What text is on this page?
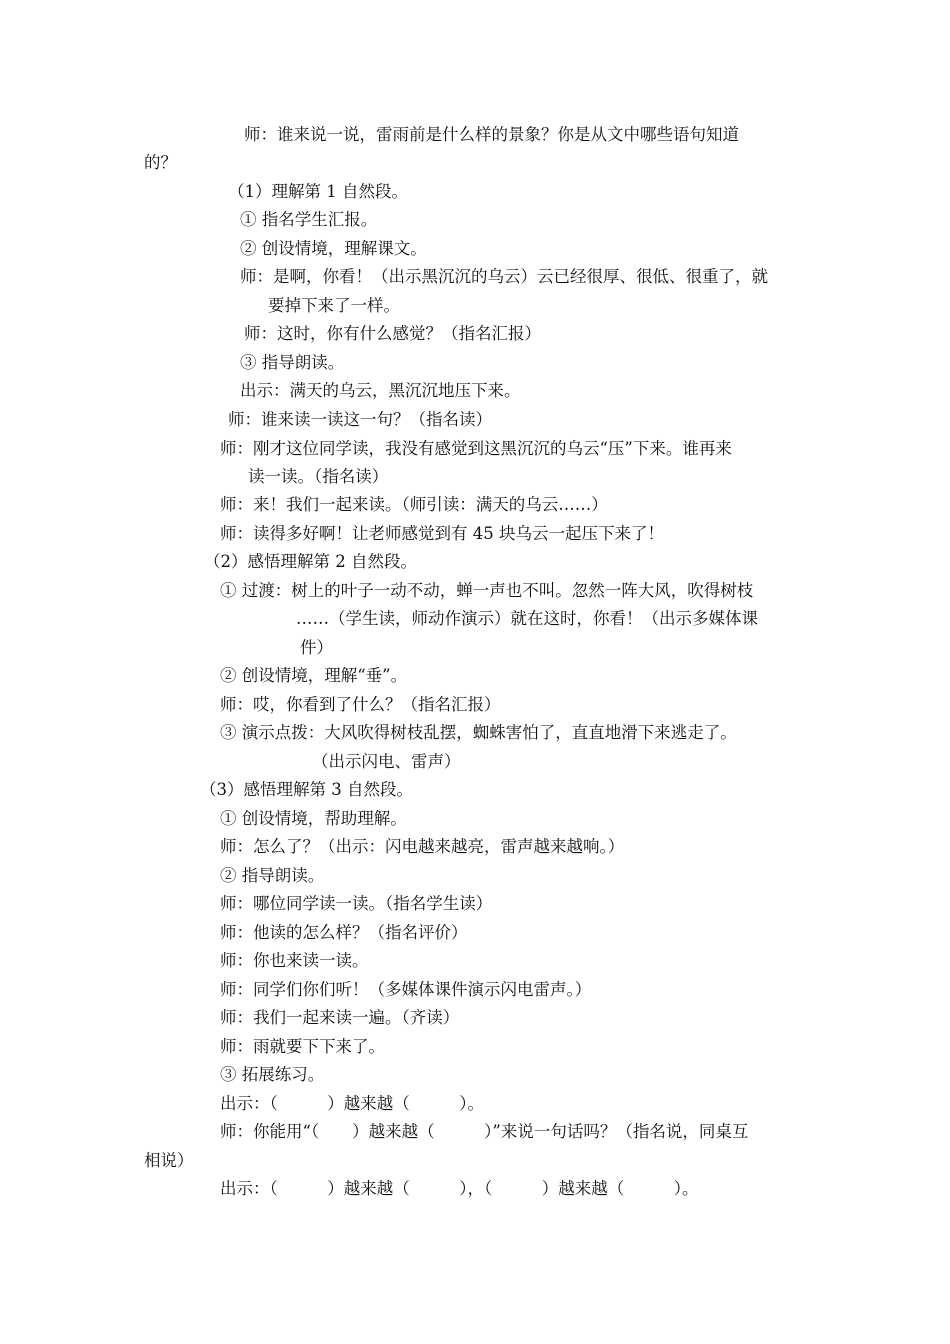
师：谁来说一说，雷雨前是什么样的景象？你是从文中哪些语句知道
的？
（1）理解第 1 自然段。
① 指名学生汇报。
② 创设情境，理解课文。
师：是啊，你看！（出示黑沉沉的乌云）云已经很厚、很低、很重了，就
要掉下来了一样。
师：这时，你有什么感觉？（指名汇报）
③ 指导朗读。
出示：满天的乌云，黑沉沉地压下来。
师：谁来读一读这一句？（指名读）
师：刚才这位同学读，我没有感觉到这黑沉沉的乌云“压”下来。谁再来
读一读。（指名读）
师：来！我们一起来读。（师引读：满天的乌云……）
师：读得多好啊！让老师感觉到有 45 块乌云一起压下来了！
（2）感悟理解第 2 自然段。
① 过渡：树上的叶子一动不动，蝉一声也不叫。忽然一阵大风，吹得树枝
……（学生读，师动作演示）就在这时，你看！（出示多媒体课
件）
② 创设情境，理解“垂”。
师：哎，你看到了什么？（指名汇报）
③ 演示点拨：大风吹得树枝乱摆，蜘蛛害怕了，直直地滑下来逃走了。
（出示闪电、雷声）
（3）感悟理解第 3 自然段。
① 创设情境，帮助理解。
师：怎么了？（出示：闪电越来越亮，雷声越来越响。）
② 指导朗读。
师：哪位同学读一读。（指名学生读）
师：他读的怎么样？（指名评价）
师：你也来读一读。
师：同学们你们听！（多媒体课件演示闪电雷声。）
师：我们一起来读一遍。（齐读）
师：雨就要下下来了。
③ 拓展练习。
出示：（　　　）越来越（　　　）。
师：你能用“（　　）越来越（　　　）”来说一句话吗？（指名说，同桌互
相说）
出示：（　　　）越来越（　　　），（　　　）越来越（　　　）。
